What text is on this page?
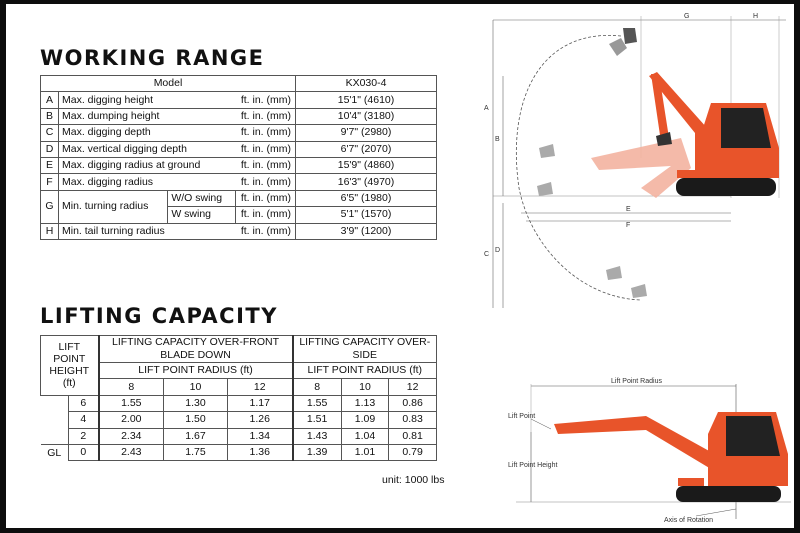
WORKING RANGE
Model				KX030-4
A	Max. digging height		ft. in. (mm)	15'1" (4610)
B	Max. dumping height		ft. in. (mm)	10'4" (3180)
C	Max. digging depth		ft. in. (mm)	9'7" (2980)
D	Max. vertical digging depth		ft. in. (mm)	6'7" (2070)
E	Max. digging radius at ground		ft. in. (mm)	15'9" (4860)
F	Max. digging radius		ft. in. (mm)	16'3" (4970)
G	Min. turning radius	W/O swing	ft. in. (mm)	6'5" (1980)
		W swing	ft. in. (mm)	5'1" (1570)
H	Min. tail turning radius		ft. in. (mm)	3'9" (1200)
LIFTING CAPACITY
LIFT POINT HEIGHT (ft)		LIFTING CAPACITY OVER-FRONT BLADE DOWN			LIFTING CAPACITY OVER-SIDE		
		LIFT POINT RADIUS (ft)			LIFT POINT RADIUS (ft)		
		8	10	12	8	10	12
	6	1.55	1.30	1.17	1.55	1.13	0.86
	4	2.00	1.50	1.26	1.51	1.09	0.83
	2	2.34	1.67	1.34	1.43	1.04	0.81
GL	0	2.43	1.75	1.36	1.39	1.01	0.79
unit: 1000 lbs
G	H
A
B
C
D
E
F
Lift Point Radius
Lift Point
Lift Point Height
Axis of Rotation
